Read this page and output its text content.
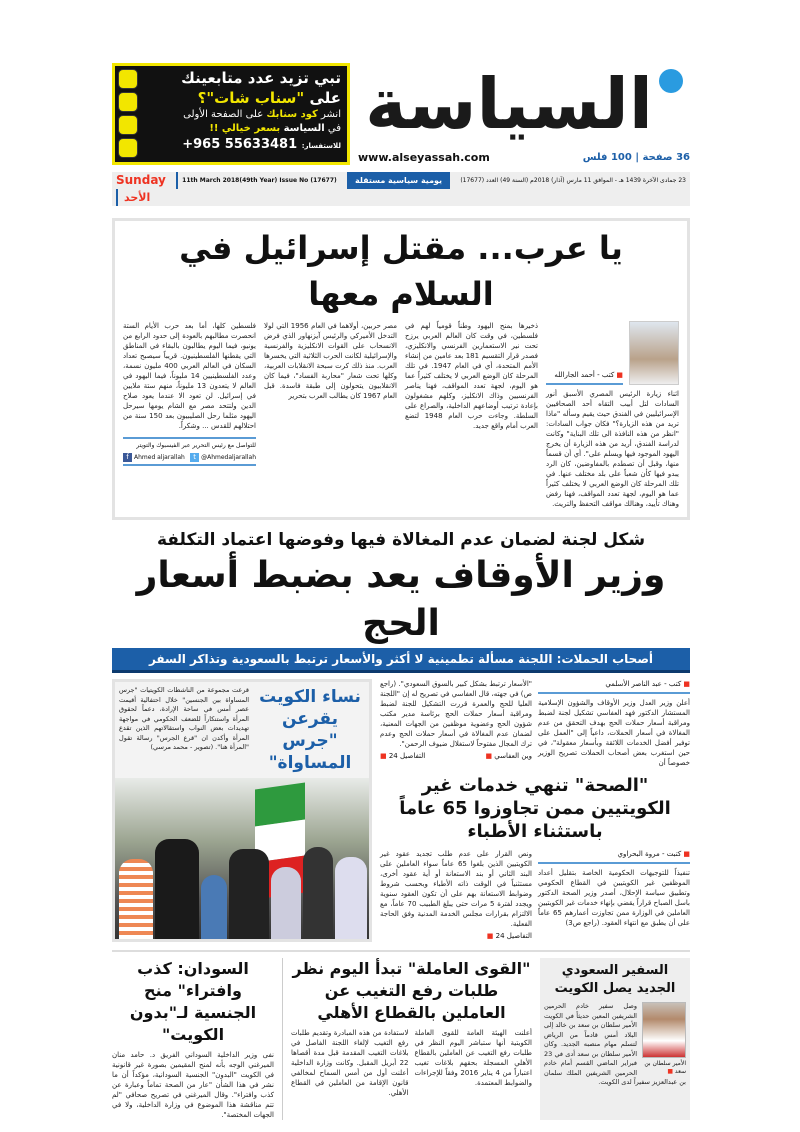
تبي تزيد عدد متابعينك
على "سناب شات"؟
انشر كود سنابك على الصفحة الأولى
في السياسة بسعر خيالي !!
للاستفسار: +965 55633481 السياسة
www.alseyassah.com	36 صفحة | 100 فلس
Sunday	11th March 2018(49th Year) Issue No (17677)	يومية سياسية مستقلة	23 جمادى الآخرة 1439 هـ - الموافق 11 مارس (آذار) 2018م (السنة 49) العدد (17677)
الأحد
يا عرب... مقتل إسرائيل في السلام معها
■ كتب - أحمد الجارالله
اثناء زيارة الرئيس المصري الأسبق أنور السادات لتل أبيب التقاه أحد الصحافيين الإسرائيليين في الفندق حيث يقيم وسأله "ماذا تريد من هذه الزيارة؟" فكان جواب السادات: "انظر من هذه النافذة الى تلك البناية" وكانت لدراسة الفندق، أريد من هذه الزيارة أن يخرج اليهود الموجود فيها ويسلم على". أي أن قسماً منها، وقبل أن تصطدم بالمفاوضين، كان الرد يبدو فيها كأن شعباً على بلد مختلف عنها. في تلك المرحلة كان الوضع العربي لا يختلف كثيراً عما هو اليوم، لجهة تعدد المواقف، فهنا رفض وهناك تأييد، وهنالك مواقف التحفظ والتريث.
ذخيرها بمنح اليهود وطناً قومياً لهم في فلسطين، في وقت كان العالم العربي يرزح تحت نير الاستعمارين الفرنسي والانكليزي، فصدر قرار التقسيم 181 بعد عامين من إنشاء الأمم المتحدة، أي في العام 1947. في تلك المرحلة كان الوضع العربي لا يختلف كثيراً عما هو اليوم، لجهة تعدد المواقف، فهنا يناصر الفرنسيين وذاك الانكليز، وكلهم مشغولون بإعادة ترتيب أوضاعهم الداخلية، والصراع على السلطة. وجاءت حرب العام 1948 لتضع العرب أمام واقع جديد.
مصر حربين، أولاهما في العام 1956 التي لولا التدخل الأميركي والرئيس آيزنهاور الذي فرض الانسحاب على القوات الانكليزية والفرنسية والإسرائيلية لكانت الحرب الثلاثية التي يخسرها العرب. منذ ذلك كرت سبحة الانقلابات العربية، وكلها تحت شعار "محاربة الفساد"، فيما كان الانقلابيون يتحولون إلى طبقة فاسدة. قبل العام 1967 كان يطالب العرب بتحرير
فلسطين كلها، أما بعد حرب الأيام الستة انحصرت مطالبهم بالعودة إلى حدود الرابع من يونيو، فيما اليوم يطالبون بالبقاء في المناطق التي يقطنها الفلسطينيون. قريباً سيصبح تعداد السكان في العالم العربي 400 مليون نسمة، وعدد الفلسطينيين 14 مليوناً، فيما اليهود في العالم لا يتعدون 13 مليوناً، منهم ستة ملايين في إسرائيل. لن تعود الا عندما يعود صلاح الدين ولتتحد مصر مع الشام يومها سيرحل اليهود مثلما رحل الصليبيون بعد 150 سنة من احتلالهم للقدس ... وشكراً.
للتواصل مع رئيس التحرير عبر الفيسبوك والتويتر
f Ahmed aljarallah	t @Ahmedaljarallah
شكل لجنة لضمان عدم المغالاة فيها وفوضها اعتماد التكلفة
وزير الأوقاف يعد بضبط أسعار الحج
أصحاب الحملات: اللجنة مسألة تطمينية لا أكثر والأسعار ترتبط بالسعودية وتذاكر السفر
■ كتب - عبد الناصر الأسلمي
أعلن وزير العدل وزير الأوقاف والشؤون الإسلامية المستشار الدكتور فهد العفاسي تشكيل لجنة لضبط ومراقبة أسعار حملات الحج بهدف التحقق من عدم المغالاة في أسعار الحملات، داعياً إلى "العمل على توفير أفضل الخدمات اللائقة وبأسعار معقولة"، في حين استغرب بعض أصحاب الحملات تصريح الوزير خصوصاً أن
"الأسعار ترتبط بشكل كبير بالسوق السعودي". (راجع ص) في جهته، قال العفاسي في تصريح له إن "اللجنة العليا للحج والعمرة قررت التشكيل للجنة لضبط ومراقبة أسعار حملات الحج برئاسة مدير مكتب شؤون الحج وعضوية موظفين من الجهات المعنية، لضمان عدم المغالاة في أسعار حملات الحج وعدم ترك المجال مفتوحاً لاستغلال ضيوف الرحمن".
وين العفاسي ■
التفاصيل 24 ■
"الصحة" تنهي خدمات غير الكويتيين ممن تجاوزوا 65 عاماً باستثناء الأطباء
■ كتبت - مروة البحراوي
تنفيذاً للتوجيهات الحكومية الخاصة بتقليل أعداد الموظفين غير الكويتيين في القطاع الحكومي وتطبيق سياسة الإحلال، أصدر وزير الصحة الدكتور باسل الصباح قراراً يقضي بإنهاء خدمات غير الكويتيين العاملين في الوزارة ممن تجاوزت أعمارهم 65 عاماً على أن يطبق مع انتهاء العقود. (راجع ص3)
ونص القرار على عدم طلب تجديد عقود غير الكويتيين الذين بلغوا 65 عاماً سواء العاملين على البند الثاني أو بند الاستعانة أو أية عقود أخرى، مستثنياً في الوقت ذاته الأطباء وبحسب شروط وضوابط الاستعانة بهم على أن تكون العقود سنوية ويجدد لفترة 5 مرات حتى يبلغ الطبيب 70 عاماً، مع الالتزام بقرارات مجلس الخدمة المدنية وفق الحاجة الفعلية.
التفاصيل 24 ■
نساء الكويت يقرعن "جرس المساواة"
قرعت مجموعة من الناشطات الكويتيات "جرس المساواة بين الجنسين" خلال احتفالية أقيمت عصر أمس في ساحة الإرادة، دعماً لحقوق المرأة واستنكاراً للضعف الحكومي في مواجهة تهديدات بعض النواب واستقالاتهم الذين تقدع المرأة وأكدن ان "قرع الجرس" رسالة تقول "المرأة هنا". (تصوير - محمد مرسي)
السفير السعودي الجديد يصل الكويت
الأمير سلطان بن سعد ■
وصل سفير خادم الحرمين الشريفين المعين حديثاً في الكويت الأمير سلطان بن سعد بن خالد إلى البلاد أمس قادماً من الرياض لتسلم مهام منصبه الجديد. وكان الأمير سلطان بن سعد أدى في 23 فبراير الماضي القسم أمام خادم الحرمين الشريفين الملك سلمان بن عبدالعزيز سفيراً لدى الكويت.
"القوى العاملة" تبدأ اليوم نظر طلبات رفع التغيب عن العاملين بالقطاع الأهلي
أعلنت الهيئة العامة للقوى العاملة الكويتية أنها ستباشر اليوم النظر في طلبات رفع التغيب عن العاملين بالقطاع الأهلي المسجلة بحقهم بلاغات تغيب اعتباراً من 4 يناير 2016 وفقاً للإجراءات والضوابط المعتمدة.
لاستفادة من هذه المبادرة وتقديم طلبات رفع التغيب لإلغاء اللجنة الفاصل في بلاغات التغيب المقدمة قبل مدة أقصاها 22 أبريل المقبل. وكانت وزارة الداخلية أعلنت أول من أمس السماح لمخالفي قانون الإقامة من العاملين في القطاع الأهلي.
السودان: كذب وافتراء" منح الجنسية لـ"بدون الكويت"
نفى وزير الداخلية السوداني الفريق د. حامد منان الميرغني الوجه بأنه لمنح المقيمين بصورة غير قانونية في الكويت "البدون" الجنسية السودانية، مؤكداً أن ما نشر في هذا الشأن "عار من الصحة تماماً وعبارة عن كذب وافتراء". وقال الميرغني في تصريح صحافي "لم تتم مناقشة هذا الموضوع في وزارة الداخلية، ولا في الجهات المختصة".
